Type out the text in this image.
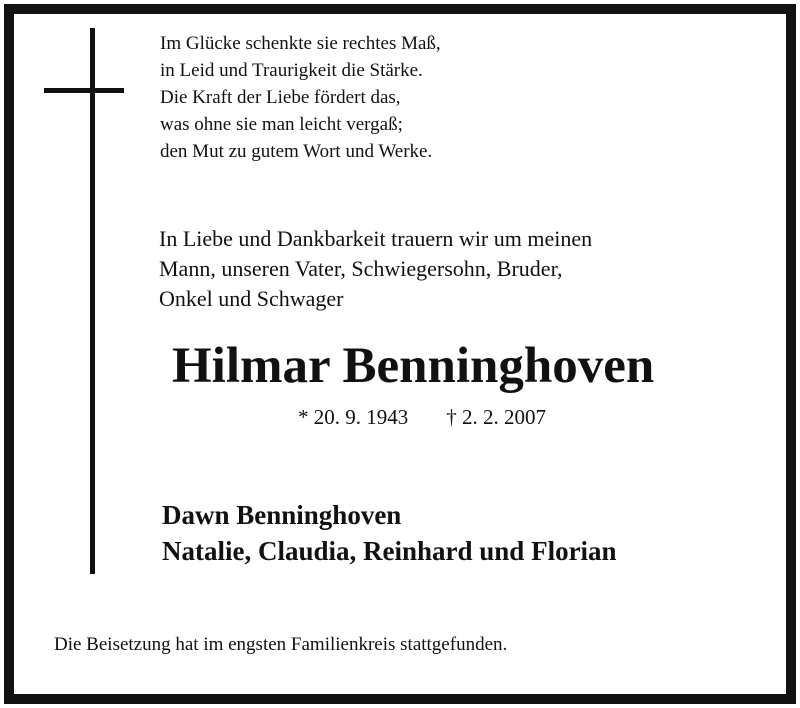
Im Glücke schenkte sie rechtes Maß,
in Leid und Traurigkeit die Stärke.
Die Kraft der Liebe fördert das,
was ohne sie man leicht vergaß;
den Mut zu gutem Wort und Werke.
In Liebe und Dankbarkeit trauern wir um meinen
Mann, unseren Vater, Schwiegersohn, Bruder,
Onkel und Schwager
Hilmar Benninghoven
* 20. 9. 1943 † 2. 2. 2007
Dawn Benninghoven
Natalie, Claudia, Reinhard und Florian
Die Beisetzung hat im engsten Familienkreis stattgefunden.
